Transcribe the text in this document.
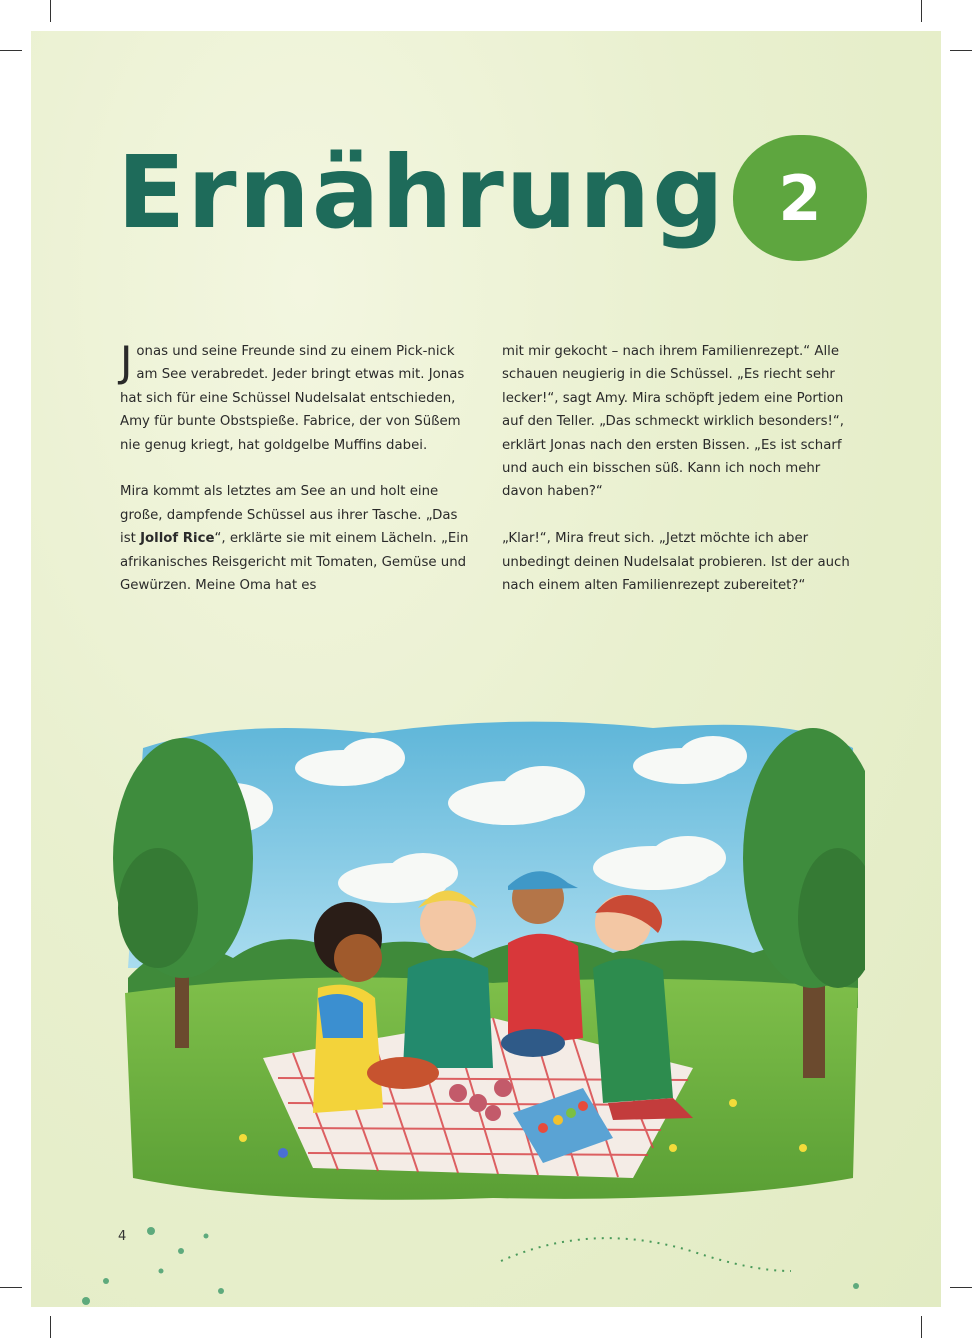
Ernährung 2

Jonas und seine Freunde sind zu einem Pick-nick am See verabredet. Jeder bringt etwas mit. Jonas hat sich für eine Schüssel Nudelsalat entschieden, Amy für bunte Obstspieße. Fabrice, der von Süßem nie genug kriegt, hat goldgelbe Muffins dabei.

Mira kommt als letztes am See an und holt eine große, dampfende Schüssel aus ihrer Tasche. „Das ist Jollof Rice“, erklärte sie mit einem Lächeln. „Ein afrikanisches Reisgericht mit Tomaten, Gemüse und Gewürzen. Meine Oma hat es

mit mir gekocht – nach ihrem Familienrezept.“ Alle schauen neugierig in die Schüssel. „Es riecht sehr lecker!“, sagt Amy. Mira schöpft jedem eine Portion auf den Teller. „Das schmeckt wirklich besonders!“, erklärt Jonas nach den ersten Bissen. „Es ist scharf und auch ein bisschen süß. Kann ich noch mehr davon haben?“

„Klar!“, Mira freut sich. „Jetzt möchte ich aber unbedingt deinen Nudelsalat probieren. Ist der auch nach einem alten Familienrezept zubereitet?“

4
